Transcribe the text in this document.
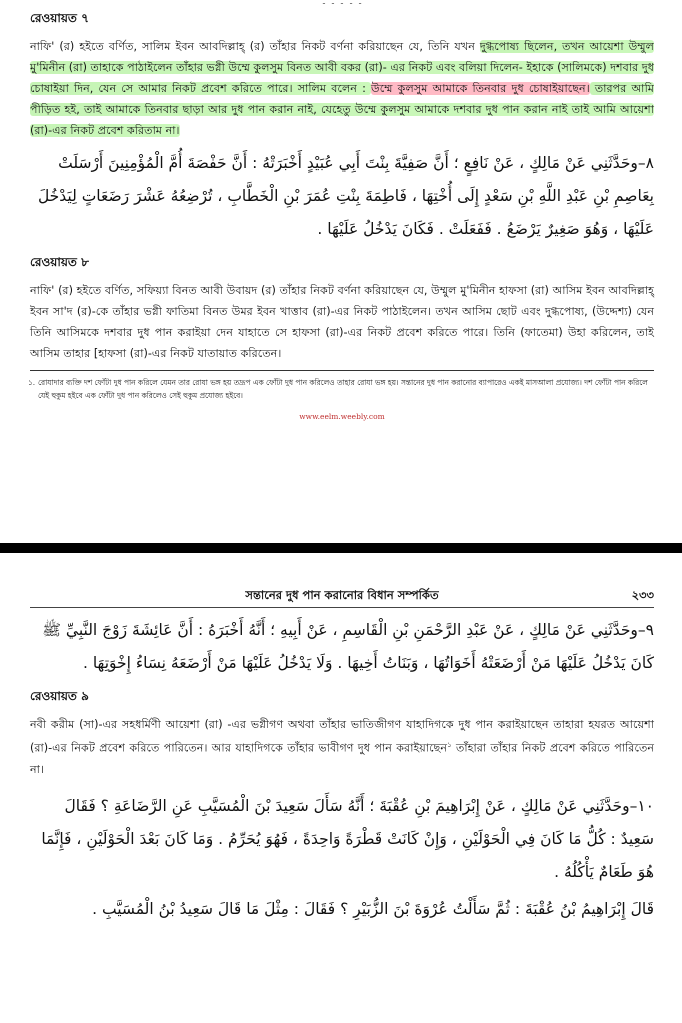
۔ ۔ ۔ ۔ ۔
রেওয়ায়ত ৭

নাফি' (র) হইতে বর্ণিত, সালিম ইবন আবদিল্লাহ্ (র) তাঁহার নিকট বর্ণনা করিয়াছেন যে, তিনি যখন দুগ্ধপোষ্য ছিলেন, তখন আয়েশা উম্মুল মু'মিনীন (রা) তাহাকে পাঠাইলেন তাঁহার ভগ্নী উম্মে কুলসুম বিনত আবী বকর (রা)- এর নিকট এবং বলিয়া দিলেন- ইহাকে (সালিমকে) দশবার দুধ চোষাইয়া দিন, যেন সে আমার নিকট প্রবেশ করিতে পারে। সালিম বলেন : উম্মে কুলসুম আমাকে তিনবার দুধ চোষাইয়াছেন। তারপর আমি পীড়িত হই, তাই আমাকে তিনবার ছাড়া আর দুধ পান করান নাই, যেহেতু উম্মে কুলসুম আমাকে দশবার দুধ পান করান নাই তাই আমি আয়েশা (রা)-এর নিকট প্রবেশ করিতাম না।

٨–وحَدَّثَنِي عَنْ مَالِكٍ ، عَنْ نَافِعٍ ؛ أَنَّ صَفِيَّةَ بِنْتَ أَبِي عُبَيْدٍ أَخْبَرَتْهُ : أَنَّ حَفْصَةَ أُمَّ الْمُؤْمِنِينَ أَرْسَلَتْ بِعَاصِمِ بْنِ عَبْدِ اللَّهِ بْنِ سَعْدٍ إِلَى أُخْتِهَا ، فَاطِمَةَ بِنْتِ عُمَرَ بْنِ الْخَطَّابِ ، تُرْضِعُهُ عَشْرَ رَضَعَاتٍ لِيَدْخُلَ عَلَيْهَا ، وَهُوَ صَغِيرٌ يَرْضَعُ . فَفَعَلَتْ . فَكَانَ يَدْخُلُ عَلَيْهَا .

রেওয়ায়ত ৮

নাফি' (র) হইতে বর্ণিত, সফিয়্যা বিনত আবী উবায়দ (র) তাঁহার নিকট বর্ণনা করিয়াছেন যে, উম্মুল মু'মিনীন হাফসা (রা) আসিম ইবন আবদিল্লাহ্ ইবন সা'দ (র)-কে তাঁহার ভগ্নী ফাতিমা বিনত উমর ইবন খাত্তাব (রা)-এর নিকট পাঠাইলেন। তখন আসিম ছোট এবং দুগ্ধপোষ্য, (উদ্দেশ্য) যেন তিনি আসিমকে দশবার দুধ পান করাইয়া দেন যাহাতে সে হাফসা (রা)-এর নিকট প্রবেশ করিতে পারে। তিনি (ফাতেমা) উহা করিলেন, তাই আসিম তাহার [হাফসা (রা)-এর নিকট যাতায়াত করিতেন।

১. রোযাদার ব্যক্তি দশ ফোঁটা দুধ পান করিলে যেমন তার রোযা ভঙ্গ হয় তদ্রূপ এক ফোঁটা দুধ পান করিলেও তাহার রোযা ভঙ্গ হয়। সন্তানের দুধ পান করানোর ব্যাপারেও একই মাসআলা প্রযোজ্য। দশ ফোঁটা পান করিলে যেই হুকুম হইবে এক ফোঁটা দুধ পান করিলেও সেই হুকুম প্রযোজ্য হইবে।

www.eelm.weebly.com
সন্তানের দুধ পান করানোর বিধান সম্পর্কিত	২৩৩

٩–وحَدَّثَنِي عَنْ مَالِكٍ ، عَنْ عَبْدِ الرَّحْمَنِ بْنِ الْقَاسِمِ ، عَنْ أَبِيهِ ؛ أَنَّهُ أَخْبَرَهُ : أَنَّ عَائِشَةَ زَوْجَ النَّبِيِّ ﷺ كَانَ يَدْخُلُ عَلَيْهَا مَنْ أَرْضَعَتْهُ أَخَوَاتُهَا ، وَبَنَاتُ أَخِيهَا . وَلَا يَدْخُلُ عَلَيْهَا مَنْ أَرْضَعَهُ نِسَاءُ إِخْوَتِهَا .

রেওয়ায়ত ৯

নবী করীম (সা)-এর সহধর্মিণী আয়েশা (রা) -এর ভগ্নীগণ অথবা তাঁহার ভাতিজীগণ যাহাদিগকে দুধ পান করাইয়াছেন তাহারা হযরত আয়েশা (রা)-এর নিকট প্রবেশ করিতে পারিতেন। আর যাহাদিগকে তাঁহার ভাবীগণ দুধ পান করাইয়াছেন$^১$ তাঁহারা তাঁহার নিকট প্রবেশ করিতে পারিতেন না।

١٠–وحَدَّثَنِي عَنْ مَالِكٍ ، عَنْ إِبْرَاهِيمَ بْنِ عُقْبَةَ ؛ أَنَّهُ سَأَلَ سَعِيدَ بْنَ الْمُسَيَّبِ عَنِ الرَّضَاعَةِ ؟ فَقَالَ سَعِيدٌ : كُلُّ مَا كَانَ فِي الْحَوْلَيْنِ ، وَإِنْ كَانَتْ قَطْرَةً وَاحِدَةً ، فَهُوَ يُحَرِّمُ . وَمَا كَانَ بَعْدَ الْحَوْلَيْنِ ، فَإِنَّمَا هُوَ طَعَامٌ يَأْكُلُهُ .

قَالَ إِبْرَاهِيمُ بْنُ عُقْبَةَ : ثُمَّ سَأَلْتُ عُرْوَةَ بْنَ الزُّبَيْرِ ؟ فَقَالَ : مِثْلَ مَا قَالَ سَعِيدُ بْنُ الْمُسَيَّبِ .
